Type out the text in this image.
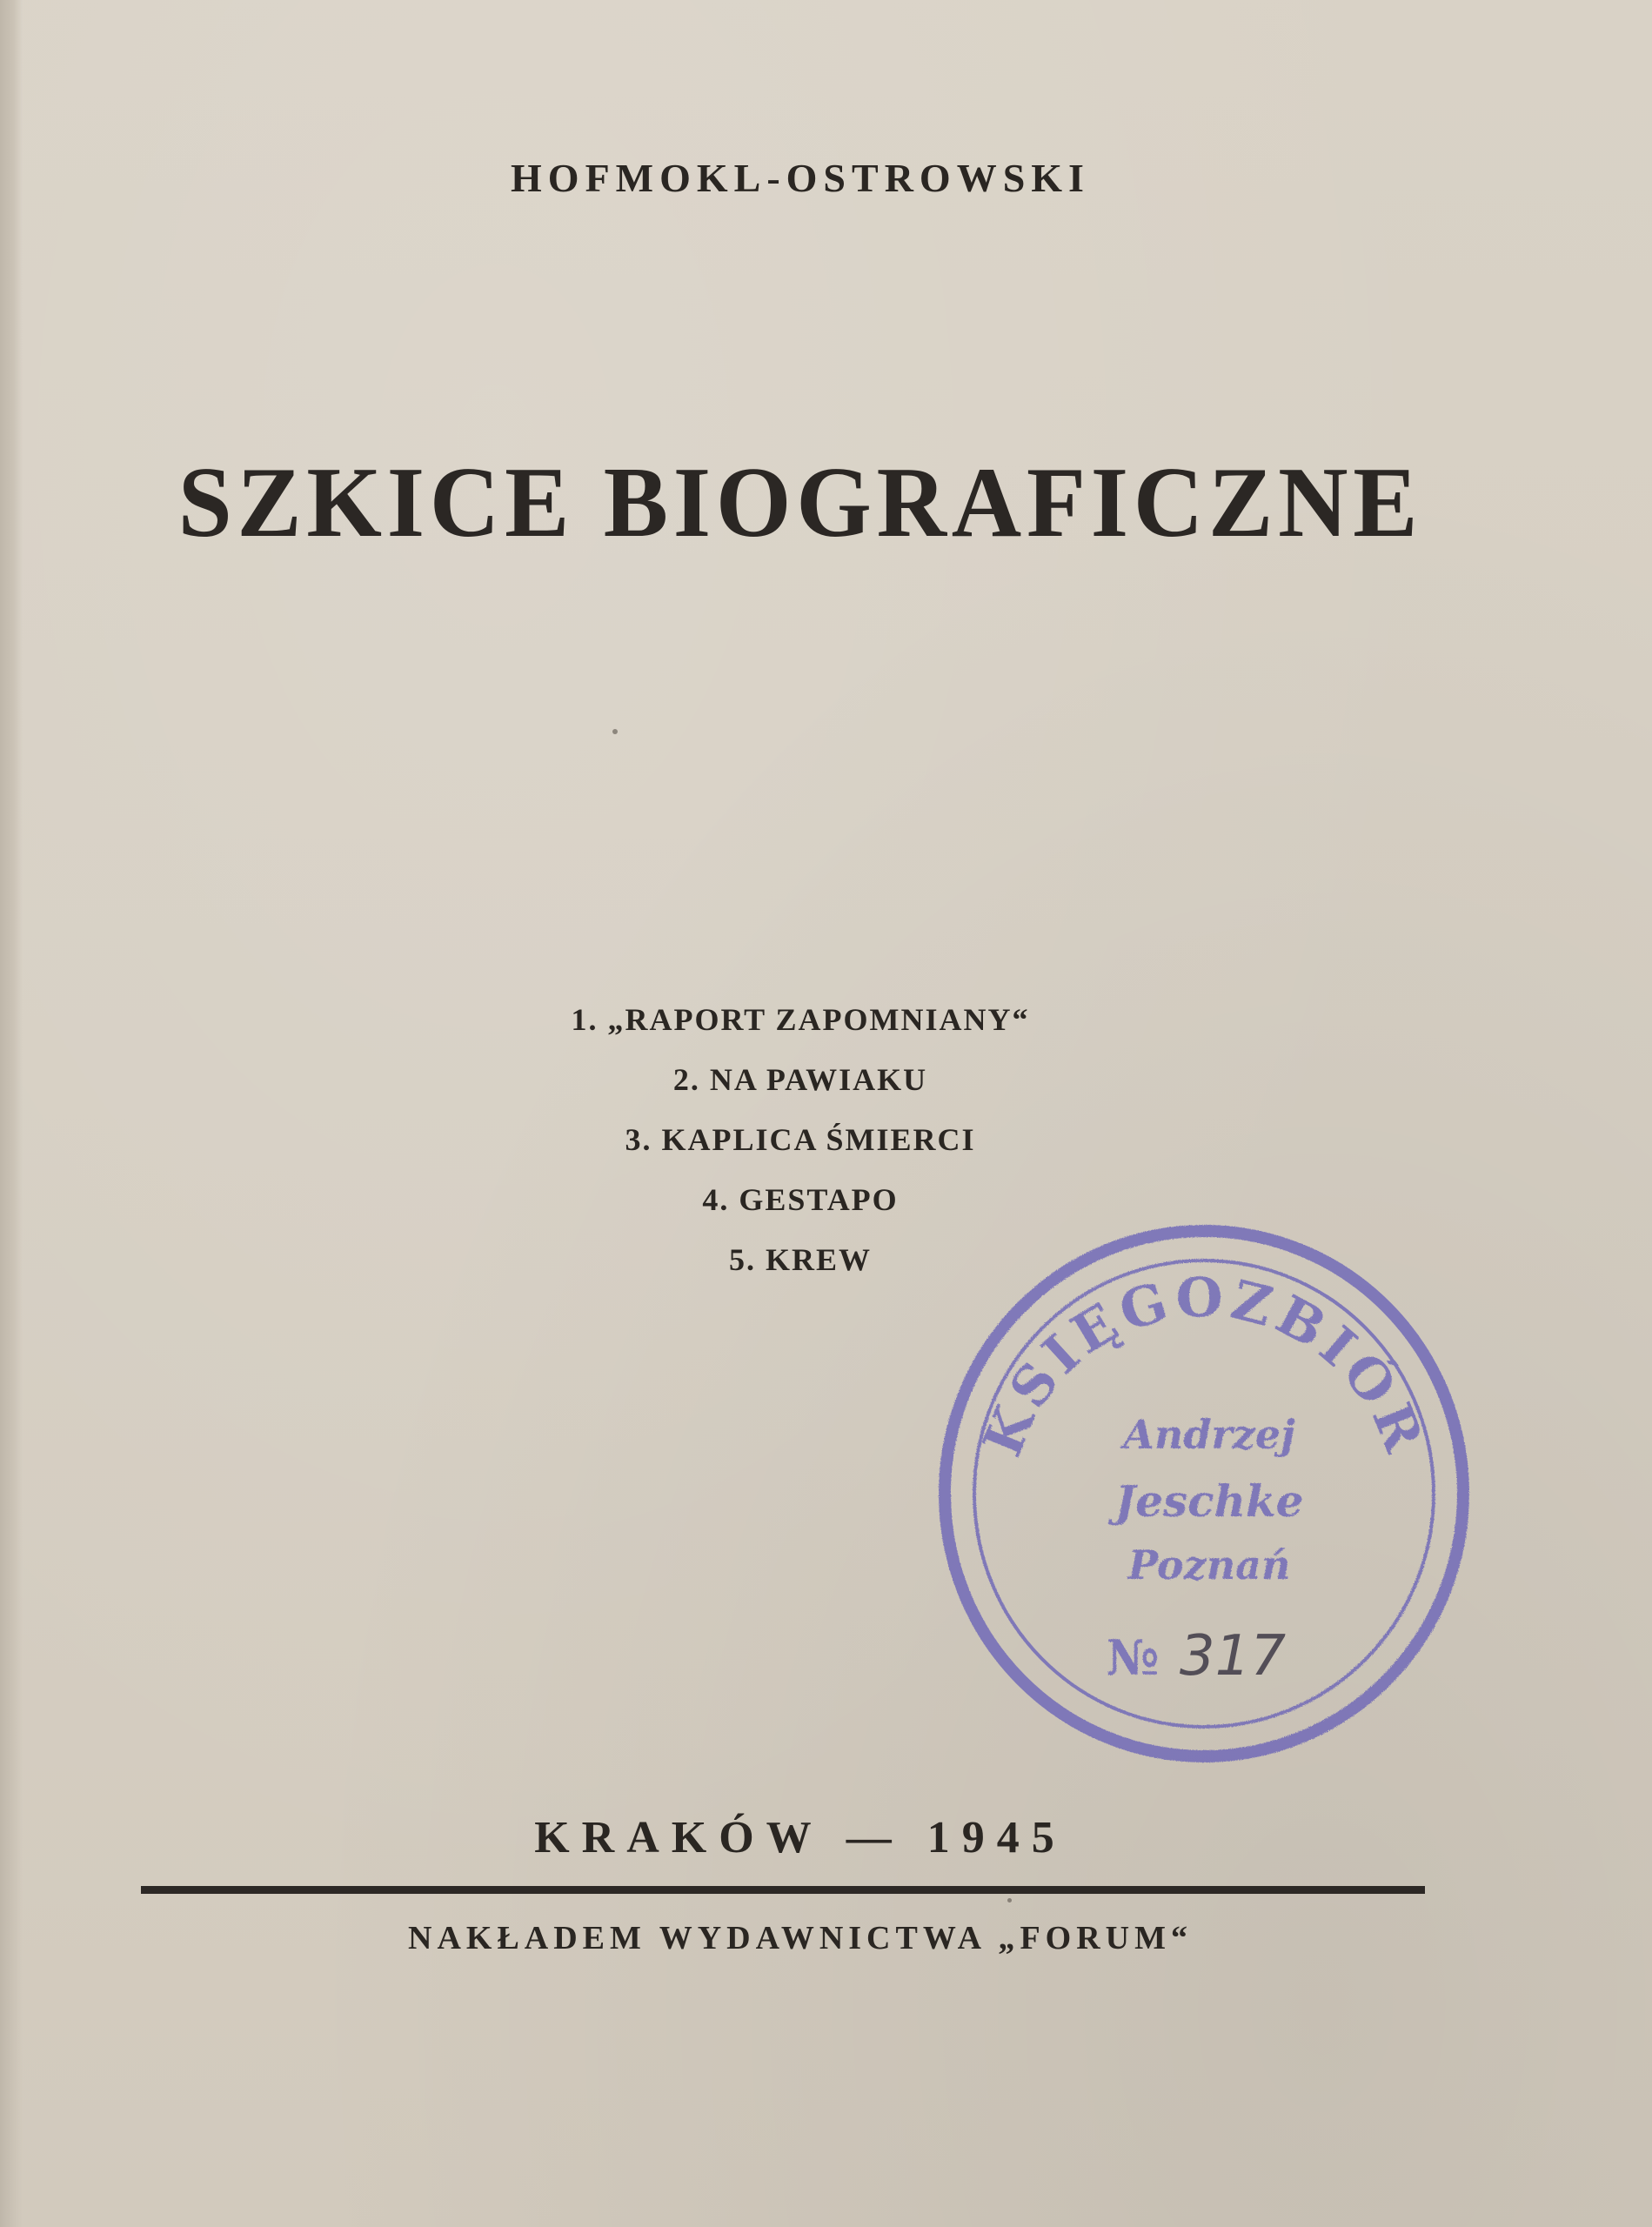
HOFMOKL-OSTROWSKI
SZKICE BIOGRAFICZNE
1. „RAPORT ZAPOMNIANY“
2. NA PAWIAKU
3. KAPLICA ŚMIERCI
4. GESTAPO
5. KREW
KSIĘGOZBIÓR
Andrzej
Jeschke
Poznań
№ 317
KRAKÓW — 1945
NAKŁADEM WYDAWNICTWA „FORUM“
